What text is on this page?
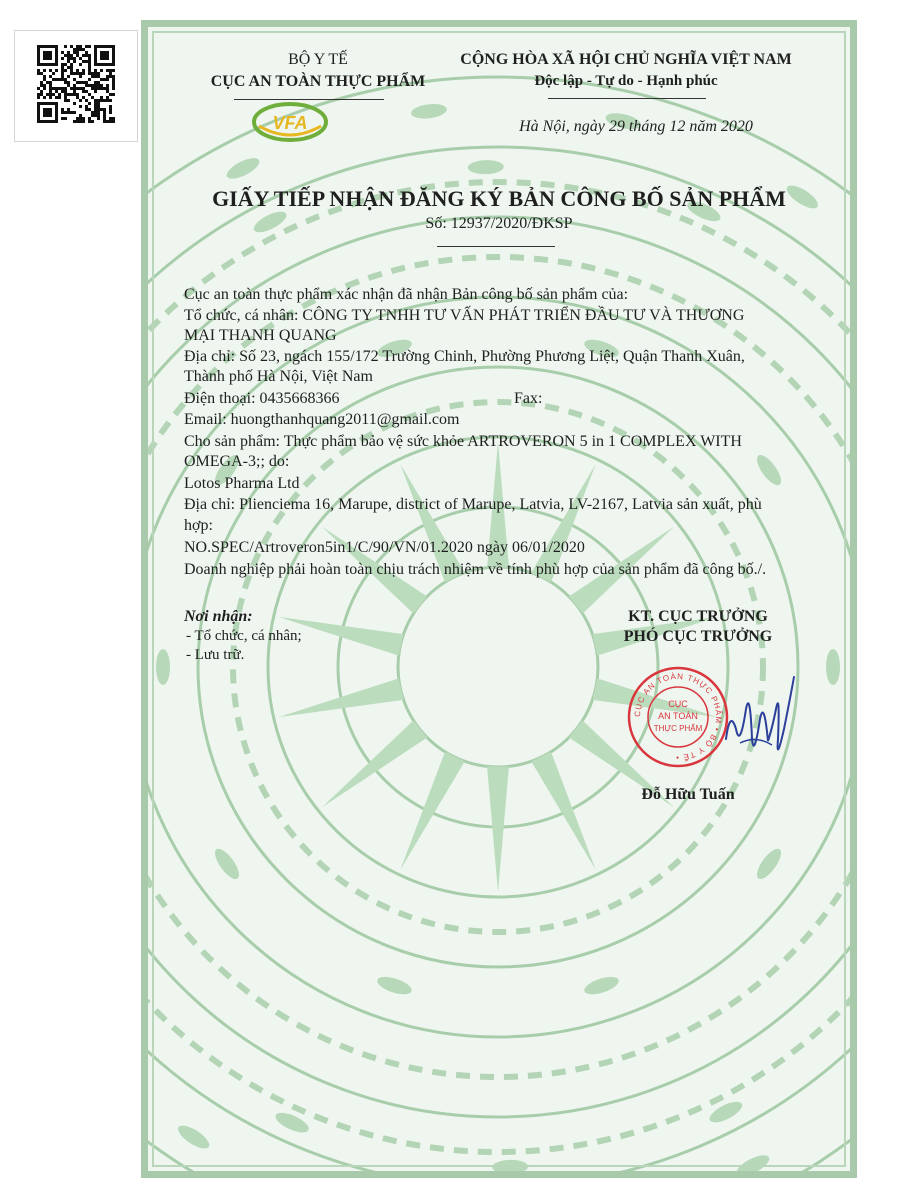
BỘ Y TẾ
CỤC AN TOÀN THỰC PHẨM
VFA
CỘNG HÒA XÃ HỘI CHỦ NGHĨA VIỆT NAM
Độc lập - Tự do - Hạnh phúc
Hà Nội, ngày 29 tháng 12 năm 2020
GIẤY TIẾP NHẬN ĐĂNG KÝ BẢN CÔNG BỐ SẢN PHẨM
Số: 12937/2020/ĐKSP
Cục an toàn thực phẩm xác nhận đã nhận Bản công bố sản phẩm của:
Tổ chức, cá nhân: CÔNG TY TNHH TƯ VẤN PHÁT TRIỂN ĐẦU TƯ VÀ THƯƠNG
MẠI THANH QUANG
Địa chỉ: Số 23, ngách 155/172 Trường Chinh, Phường Phương Liệt, Quận Thanh Xuân,
Thành phố Hà Nội, Việt Nam
Điện thoại: 0435668366	Fax:
Email: huongthanhquang2011@gmail.com
Cho sản phẩm: Thực phẩm bảo vệ sức khỏe ARTROVERON 5 in 1 COMPLEX WITH
OMEGA-3;; do:
Lotos Pharma Ltd
Địa chỉ: Plienciema 16, Marupe, district of Marupe, Latvia, LV-2167, Latvia sản xuất, phù
hợp:
NO.SPEC/Artroveron5in1/C/90/VN/01.2020 ngày 06/01/2020
Doanh nghiệp phải hoàn toàn chịu trách nhiệm về tính phù hợp của sản phẩm đã công bố./.
Nơi nhận:
- Tổ chức, cá nhân;
- Lưu trữ.
KT. CỤC TRƯỞNG
PHÓ CỤC TRƯỞNG
CỤC AN TOÀN THỰC PHẨM • BỘ Y TẾ •
CỤC
AN TOÀN
THỰC PHẨM
Đỗ Hữu Tuấn
